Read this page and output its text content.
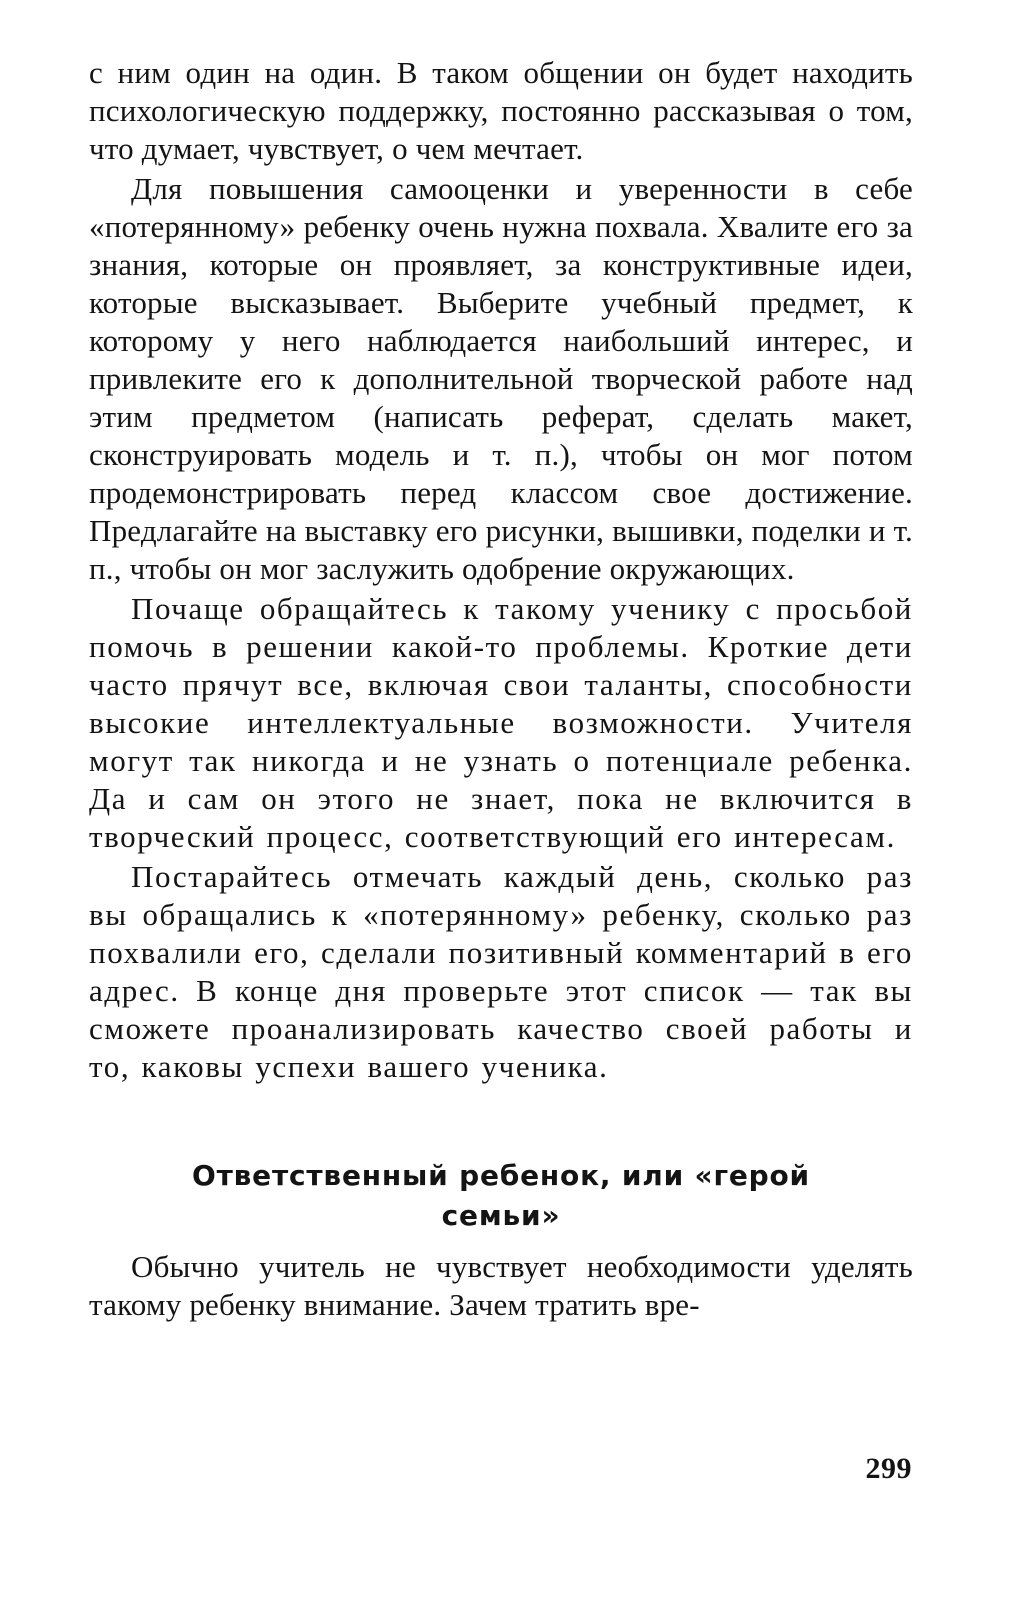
с ним один на один. В таком общении он будет находить психологическую поддержку, постоянно рассказывая о том, что думает, чувствует, о чем мечтает.

Для повышения самооценки и уверенности в себе «потерянному» ребенку очень нужна похвала. Хвалите его за знания, которые он проявляет, за конструктивные идеи, которые высказывает. Выберите учебный предмет, к которому у него наблюдается наибольший интерес, и привлеките его к дополнительной творческой работе над этим предметом (написать реферат, сделать макет, сконструировать модель и т. п.), чтобы он мог потом продемонстрировать перед классом свое достижение. Предлагайте на выставку его рисунки, вышивки, поделки и т. п., чтобы он мог заслужить одобрение окружающих.

Почаще обращайтесь к такому ученику с просьбой помочь в решении какой-то проблемы. Кроткие дети часто прячут все, включая свои таланты, способности высокие интеллектуальные возможности. Учителя могут так никогда и не узнать о потенциале ребенка. Да и сам он этого не знает, пока не включится в творческий процесс, соответствующий его интересам.

Постарайтесь отмечать каждый день, сколько раз вы обращались к «потерянному» ребенку, сколько раз похвалили его, сделали позитивный комментарий в его адрес. В конце дня проверьте этот список — так вы сможете проанализировать качество своей работы и то, каковы успехи вашего ученика.

Ответственный ребенок, или «герой
семьи»

Обычно учитель не чувствует необходимости уделять такому ребенку внимание. Зачем тратить вре-

299
